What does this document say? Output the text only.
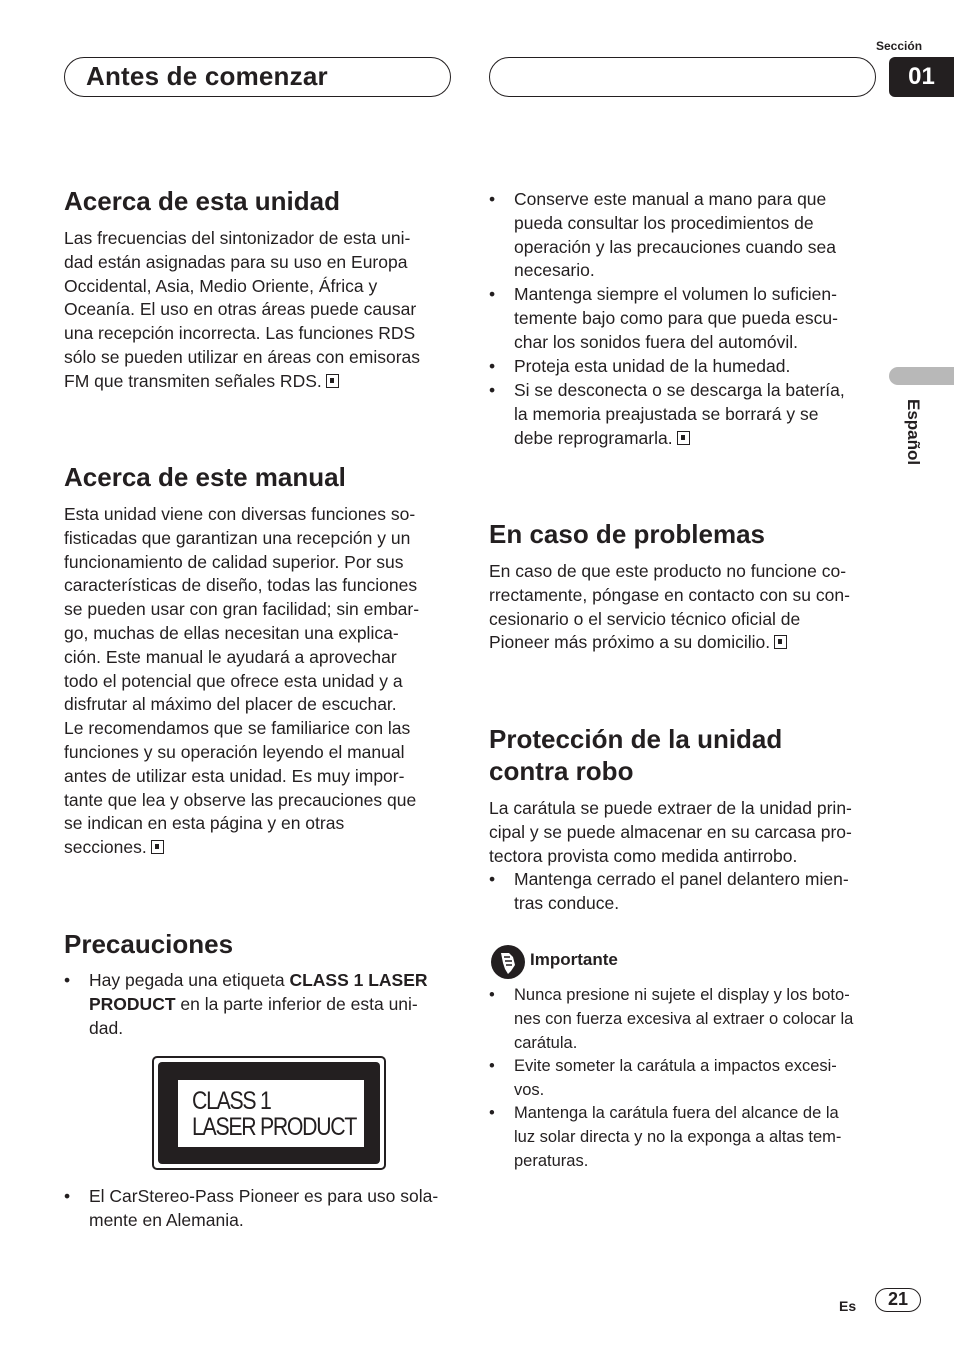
Antes de comenzar
Sección
01
Español
Acerca de esta unidad
Las frecuencias del sintonizador de esta uni-
dad están asignadas para su uso en Europa
Occidental, Asia, Medio Oriente, África y
Oceanía. El uso en otras áreas puede causar
una recepción incorrecta. Las funciones RDS
sólo se pueden utilizar en áreas con emisoras
FM que transmiten señales RDS.
Acerca de este manual
Esta unidad viene con diversas funciones so-
fisticadas que garantizan una recepción y un
funcionamiento de calidad superior. Por sus
características de diseño, todas las funciones
se pueden usar con gran facilidad; sin embar-
go, muchas de ellas necesitan una explica-
ción. Este manual le ayudará a aprovechar
todo el potencial que ofrece esta unidad y a
disfrutar al máximo del placer de escuchar.
Le recomendamos que se familiarice con las
funciones y su operación leyendo el manual
antes de utilizar esta unidad. Es muy impor-
tante que lea y observe las precauciones que
se indican en esta página y en otras
secciones.
Precauciones
• Hay pegada una etiqueta CLASS 1 LASER
PRODUCT en la parte inferior de esta uni-
dad.
CLASS 1
LASER PRODUCT
• El CarStereo-Pass Pioneer es para uso sola-
mente en Alemania.
• Conserve este manual a mano para que
pueda consultar los procedimientos de
operación y las precauciones cuando sea
necesario.
• Mantenga siempre el volumen lo suficien-
temente bajo como para que pueda escu-
char los sonidos fuera del automóvil.
• Proteja esta unidad de la humedad.
• Si se desconecta o se descarga la batería,
la memoria preajustada se borrará y se
debe reprogramarla.
En caso de problemas
En caso de que este producto no funcione co-
rrectamente, póngase en contacto con su con-
cesionario o el servicio técnico oficial de
Pioneer más próximo a su domicilio.
Protección de la unidad
contra robo
La carátula se puede extraer de la unidad prin-
cipal y se puede almacenar en su carcasa pro-
tectora provista como medida antirrobo.
• Mantenga cerrado el panel delantero mien-
tras conduce.
Importante
• Nunca presione ni sujete el display y los boto-
nes con fuerza excesiva al extraer o colocar la
carátula.
• Evite someter la carátula a impactos excesi-
vos.
• Mantenga la carátula fuera del alcance de la
luz solar directa y no la exponga a altas tem-
peraturas.
Es	21
